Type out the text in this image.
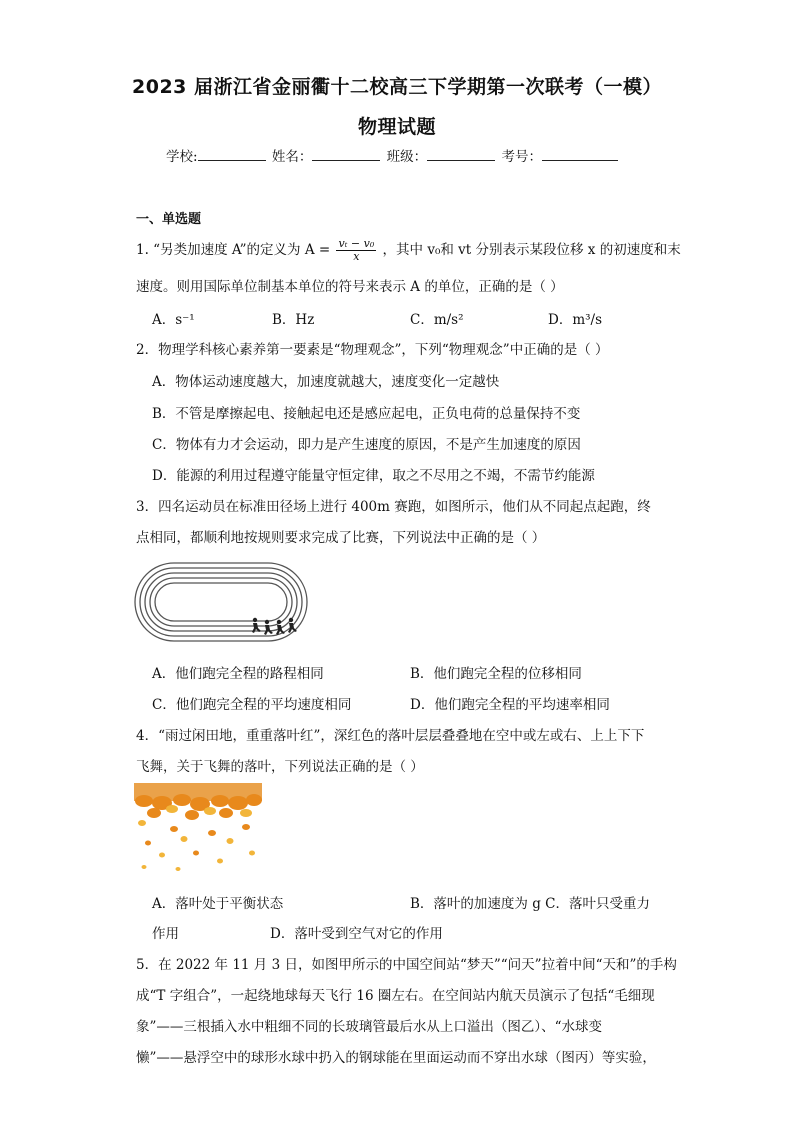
2023 届浙江省金丽衢十二校高三下学期第一次联考（一模）
物理试题
学校:	姓名：	班级：	考号：
一、单选题
1. “另类加速度 A”的定义为 $A = \frac{\text{vₜ − v₀}}{x}$ ，其中 v₀和 vt 分别表示某段位移 x 的初速度和末
速度。则用国际单位制基本单位的符号来表示 A 的单位，正确的是（ ）
A．s⁻¹	B．Hz	C．m/s²	D．m³/s
2．物理学科核心素养第一要素是“物理观念”，下列“物理观念”中正确的是（ ）
A．物体运动速度越大，加速度就越大，速度变化一定越快
B．不管是摩擦起电、接触起电还是感应起电，正负电荷的总量保持不变
C．物体有力才会运动，即力是产生速度的原因，不是产生加速度的原因
D．能源的利用过程遵守能量守恒定律，取之不尽用之不竭，不需节约能源
3．四名运动员在标准田径场上进行 400m 赛跑，如图所示，他们从不同起点起跑，终
点相同，都顺利地按规则要求完成了比赛，下列说法中正确的是（ ）
A．他们跑完全程的路程相同	B．他们跑完全程的位移相同
C．他们跑完全程的平均速度相同	D．他们跑完全程的平均速率相同
4．“雨过闲田地，重重落叶红”，深红色的落叶层层叠叠地在空中或左或右、上上下下
飞舞，关于飞舞的落叶，下列说法正确的是（ ）
A．落叶处于平衡状态	B．落叶的加速度为 g C．落叶只受重力
作用	D．落叶受到空气对它的作用
5．在 2022 年 11 月 3 日，如图甲所示的中国空间站“梦天”“问天”拉着中间“天和”的手构
成“T 字组合”，一起绕地球每天飞行 16 圈左右。在空间站内航天员演示了包括“毛细现
象”——三根插入水中粗细不同的长玻璃管最后水从上口溢出（图乙）、“水球变
懒”——悬浮空中的球形水球中扔入的钢球能在里面运动而不穿出水球（图丙）等实验，
